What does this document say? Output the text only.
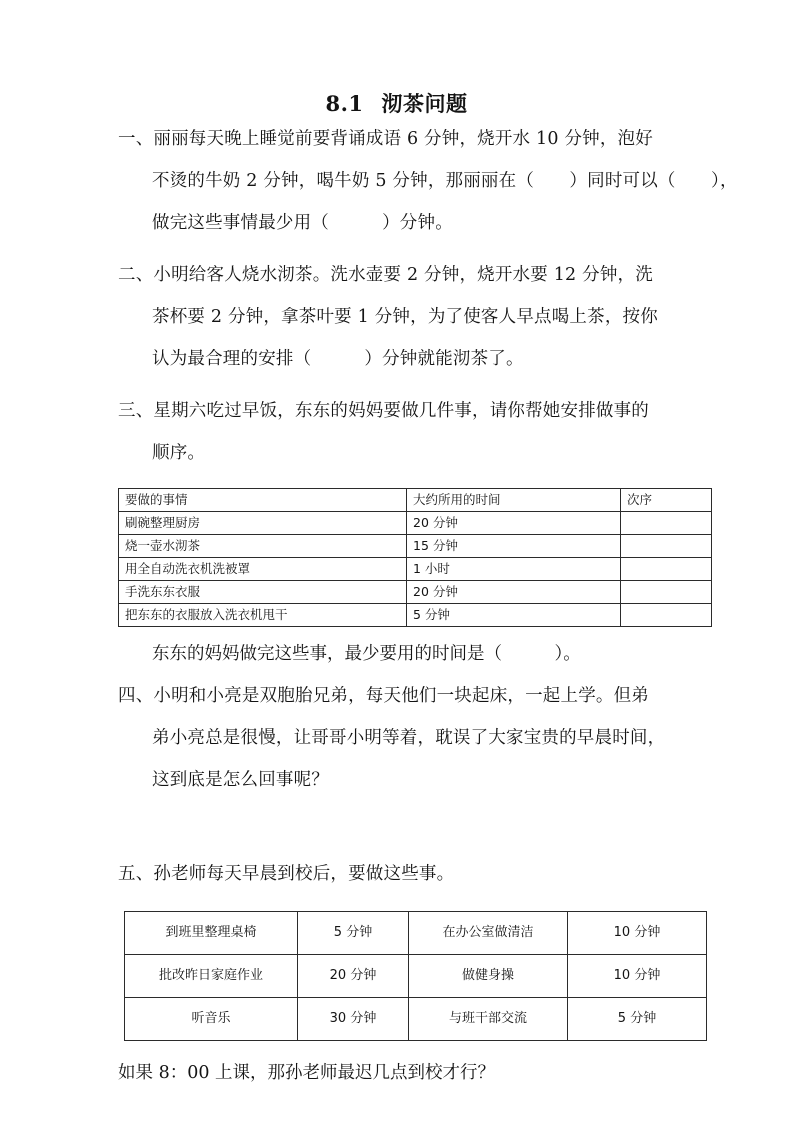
8.1 沏茶问题
一、丽丽每天晚上睡觉前要背诵成语 6 分钟，烧开水 10 分钟，泡好
不烫的牛奶 2 分钟，喝牛奶 5 分钟，那丽丽在（　　）同时可以（　　），
做完这些事情最少用（　　　）分钟。
二、小明给客人烧水沏茶。洗水壶要 2 分钟，烧开水要 12 分钟，洗
茶杯要 2 分钟，拿茶叶要 1 分钟，为了使客人早点喝上茶，按你
认为最合理的安排（　　　）分钟就能沏茶了。
三、星期六吃过早饭，东东的妈妈要做几件事，请你帮她安排做事的
顺序。
要做的事情	大约所用的时间	次序
刷碗整理厨房	20 分钟	
烧一壶水沏茶	15 分钟	
用全自动洗衣机洗被罩	1 小时	
手洗东东衣服	20 分钟	
把东东的衣服放入洗衣机甩干	5 分钟	
东东的妈妈做完这些事，最少要用的时间是（　　　）。
四、小明和小亮是双胞胎兄弟，每天他们一块起床，一起上学。但弟
弟小亮总是很慢，让哥哥小明等着，耽误了大家宝贵的早晨时间，
这到底是怎么回事呢？
五、孙老师每天早晨到校后，要做这些事。
到班里整理桌椅	5 分钟	在办公室做清洁	10 分钟
批改昨日家庭作业	20 分钟	做健身操	10 分钟
听音乐	30 分钟	与班干部交流	5 分钟
如果 8：00 上课，那孙老师最迟几点到校才行？
